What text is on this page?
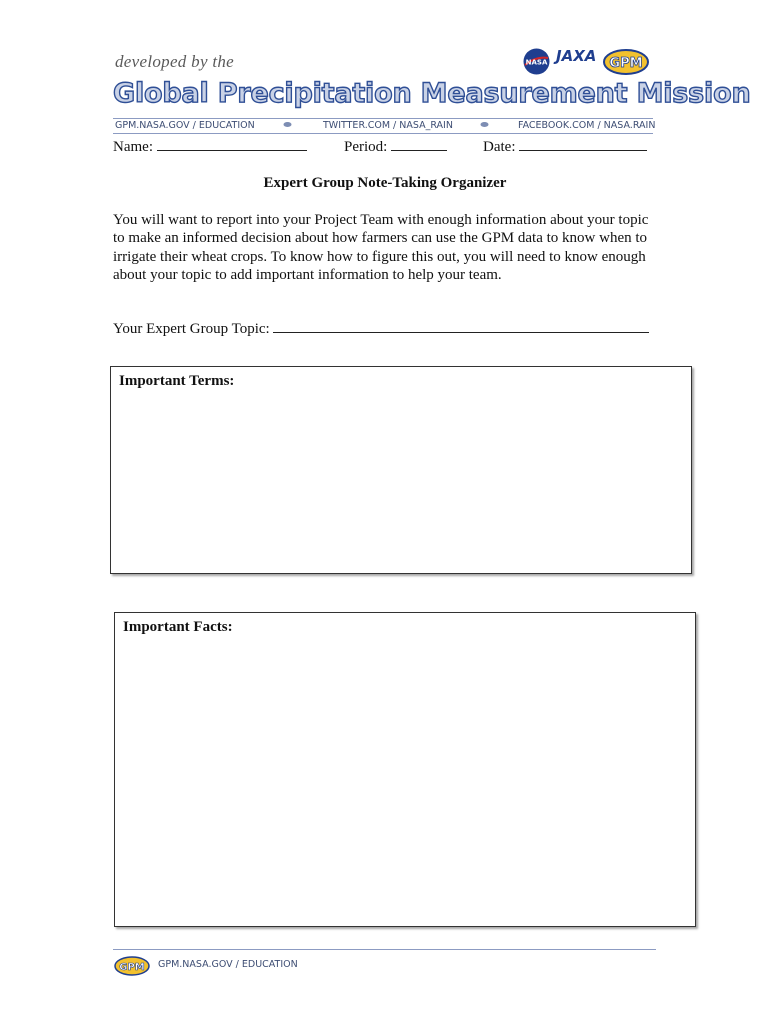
developed by the	NASA JAXA GPM
Global Precipitation Measurement Mission
GPM.NASA.GOV / EDUCATION	TWITTER.COM / NASA_RAIN	FACEBOOK.COM / NASA.RAIN
Name:	Period:	Date:
Expert Group Note-Taking Organizer
You will want to report into your Project Team with enough information about your topic to make an informed decision about how farmers can use the GPM data to know when to irrigate their wheat crops. To know how to figure this out, you will need to know enough about your topic to add important information to help your team.
Your Expert Group Topic:
Important Terms:
Important Facts:
GPM GPM.NASA.GOV / EDUCATION
